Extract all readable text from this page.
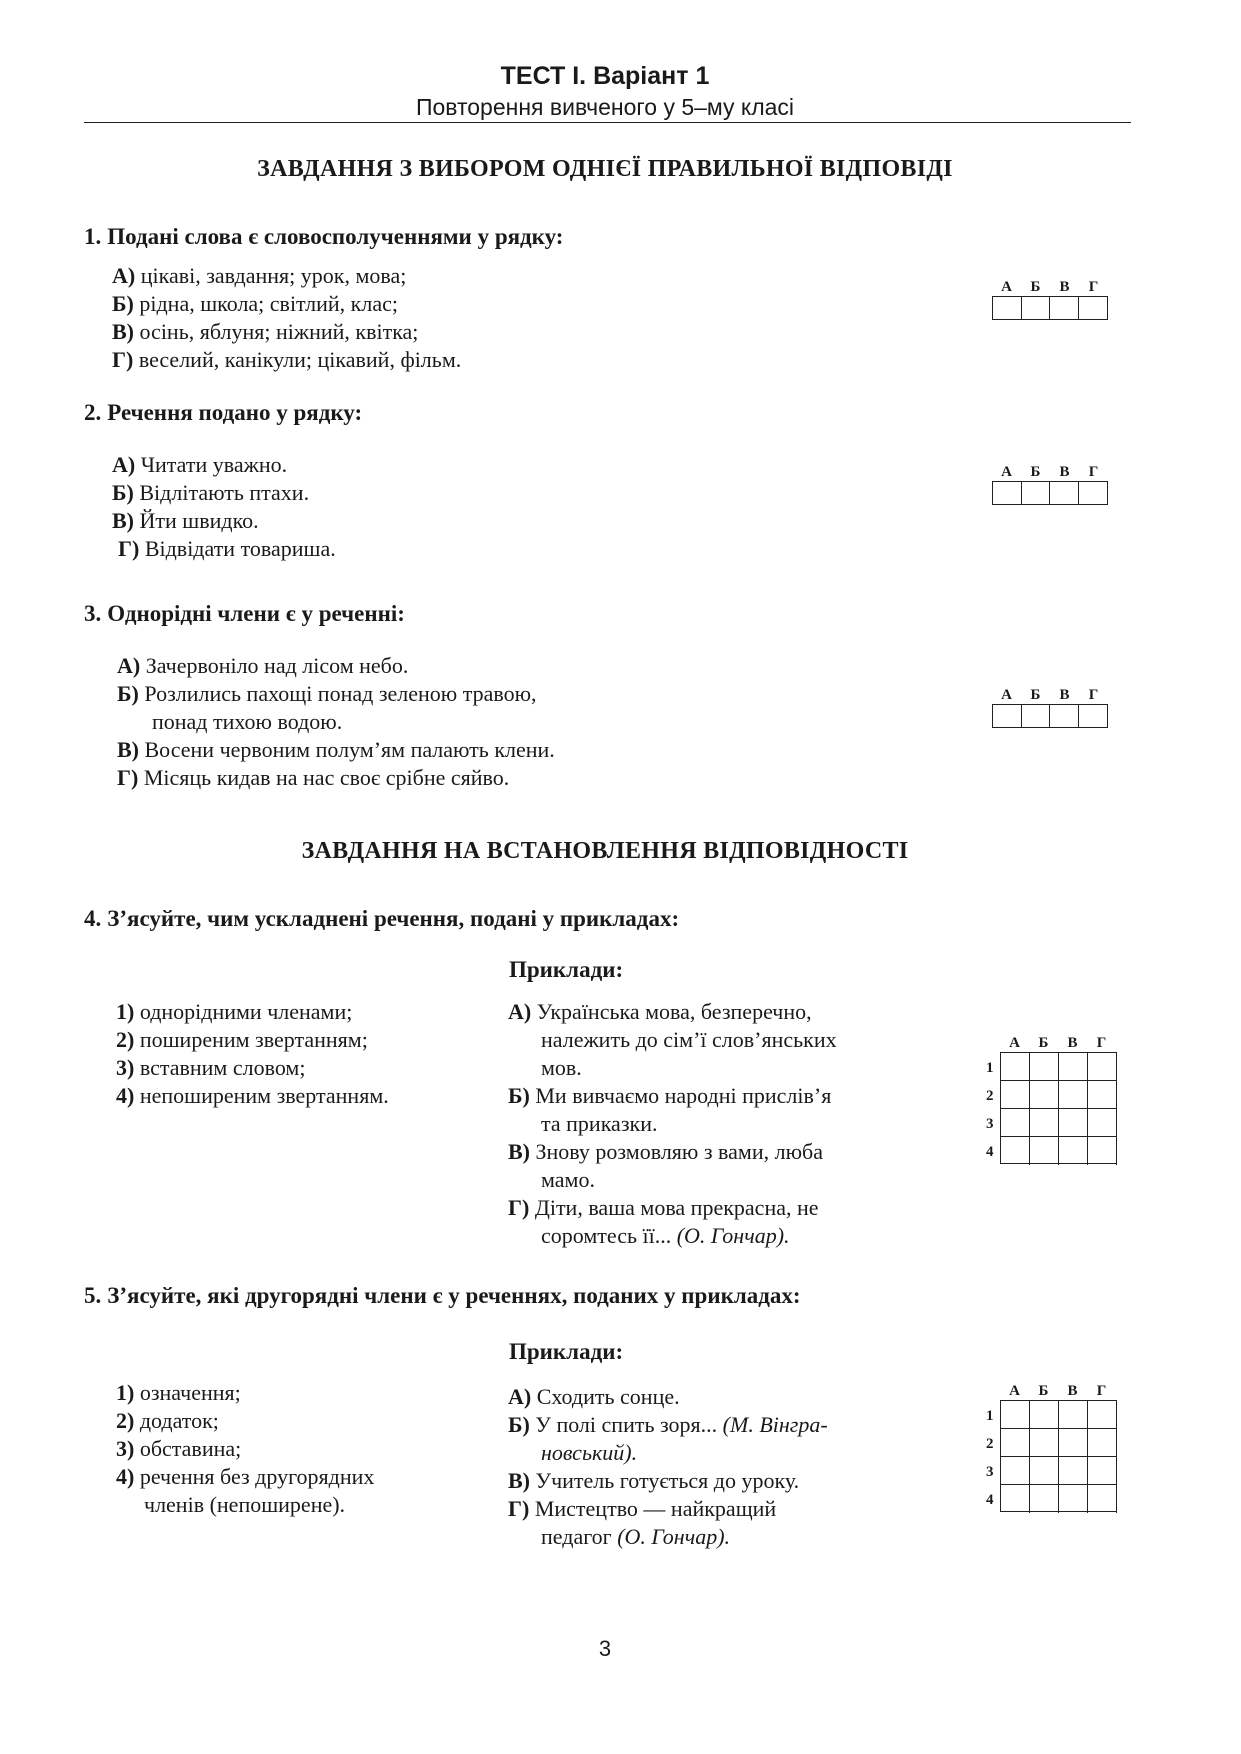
ТЕСТ І. Варіант 1
Повторення вивченого у 5–му класі
ЗАВДАННЯ З ВИБОРОМ ОДНІЄЇ ПРАВИЛЬНОЇ ВІДПОВІДІ
1. Подані слова є словосполученнями у рядку:
А) цікаві, завдання; урок, мова;
Б) рідна, школа; світлий, клас;
В) осінь, яблуня; ніжний, квітка;
Г) веселий, канікули; цікавий, фільм.
А	Б	В	Г
2. Речення подано у рядку:
А) Читати уважно.
Б) Відлітають птахи.
В) Йти швидко.
Г) Відвідати товариша.
А	Б	В	Г
3. Однорідні члени є у реченні:
А) Зачервоніло над лісом небо.
Б) Розлились пахощі понад зеленою травою,
понад тихою водою.
В) Восени червоним полум’ям палають клени.
Г) Місяць кидав на нас своє срібне сяйво.
А	Б	В	Г
ЗАВДАННЯ НА ВСТАНОВЛЕННЯ ВІДПОВІДНОСТІ
4. З’ясуйте, чим ускладнені речення, подані у прикладах:
Приклади:
1) однорідними членами;
2) поширеним звертанням;
3) вставним словом;
4) непоширеним звертанням.
А) Українська мова, безперечно,
належить до сім’ї слов’янських
мов.
Б) Ми вивчаємо народні прислів’я
та приказки.
В) Знову розмовляю з вами, люба
мамо.
Г) Діти, ваша мова прекрасна, не
соромтесь її... (О. Гончар).
А	Б	В	Г
1
2
3
4
5. З’ясуйте, які другорядні члени є у реченнях, поданих у прикладах:
Приклади:
1) означення;
2) додаток;
3) обставина;
4) речення без другорядних
членів (непоширене).
А) Сходить сонце.
Б) У полі спить зоря... (М. Вінгра-
новський).
В) Учитель готується до уроку.
Г) Мистецтво — найкращий
педагог (О. Гончар).
А	Б	В	Г
1
2
3
4
3
